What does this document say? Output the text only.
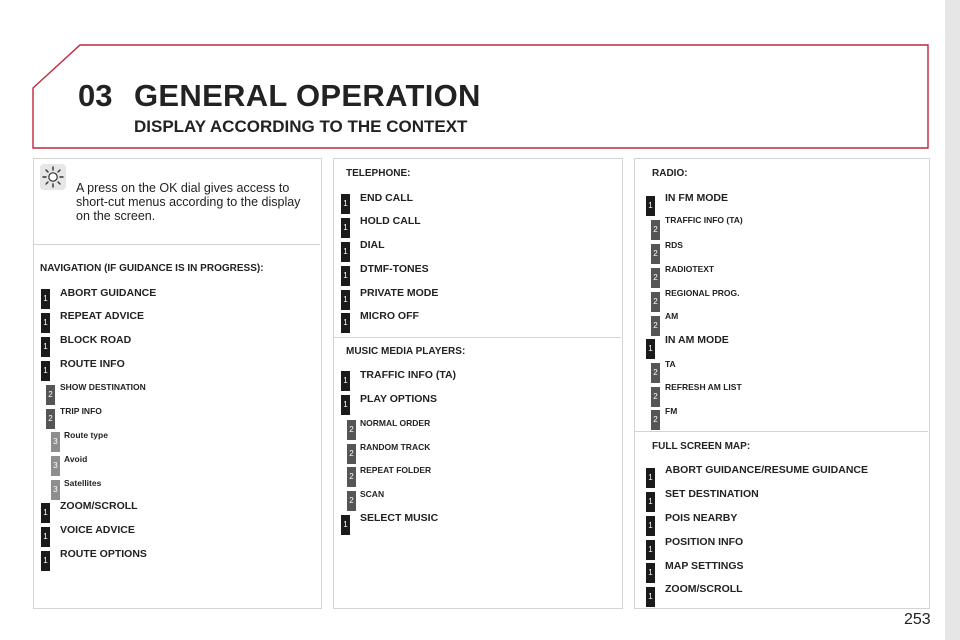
03 GENERAL OPERATION
DISPLAY ACCORDING TO THE CONTEXT
A press on the OK dial gives access to short-cut menus according to the display on the screen.
NAVIGATION (IF GUIDANCE IS IN PROGRESS):
1 ABORT GUIDANCE
1
REPEAT ADVICE
1
BLOCK ROAD
1
ROUTE INFO
2
SHOW DESTINATION
2
TRIP INFO
3
Route type
3
Avoid
3
Satellites
1
ZOOM/SCROLL
1
VOICE ADVICE
1
ROUTE OPTIONS
TELEPHONE:
1 END CALL
1
HOLD CALL
1
DIAL
1
DTMF-TONES
1
PRIVATE MODE
1
MICRO OFF
MUSIC MEDIA PLAYERS:
1 TRAFFIC INFO (TA)
1 PLAY OPTIONS
2
NORMAL ORDER
2
RANDOM TRACK
2
REPEAT FOLDER
2
SCAN
1
SELECT MUSIC
RADIO:
1
IN FM MODE
2
TRAFFIC INFO (TA)
2
RDS
2
RADIOTEXT
2
REGIONAL PROG.
2
AM
1
IN AM MODE
2
TA
2
REFRESH AM LIST
2
FM
FULL SCREEN MAP:
1
ABORT GUIDANCE/RESUME GUIDANCE
1
SET DESTINATION
1
POIS NEARBY
1
POSITION INFO
1
MAP SETTINGS
1
ZOOM/SCROLL
253
